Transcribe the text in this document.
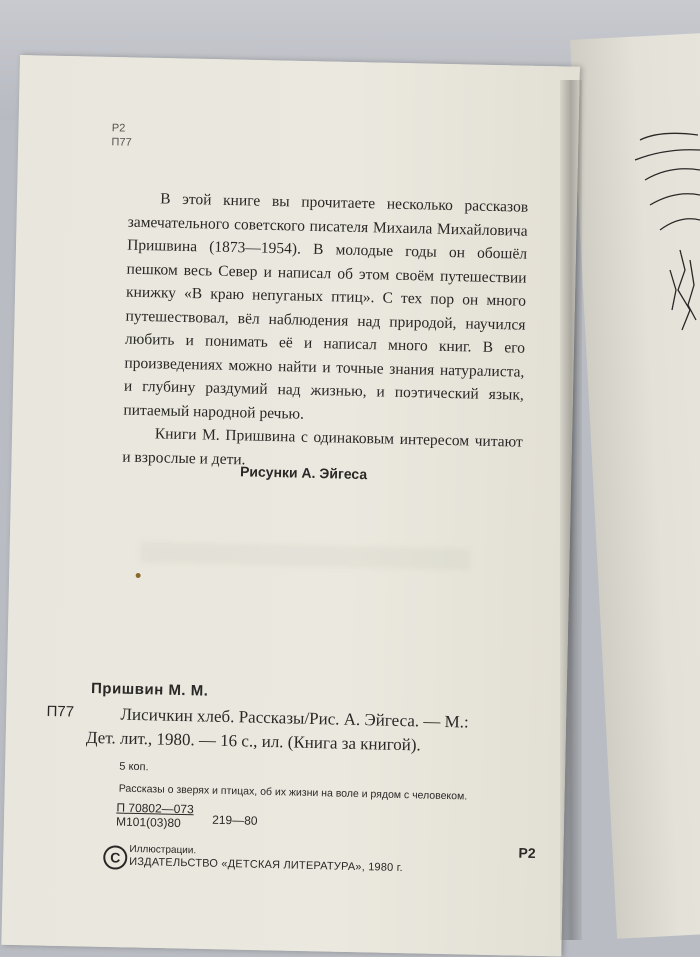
Р2
П77

В этой книге вы прочитаете несколько рассказов замечательного советского писателя Михаила Михайловича Пришвина (1873—1954). В молодые годы он обошёл пешком весь Север и написал об этом своём путешествии книжку «В краю непуганых птиц». С тех пор он много путешествовал, вёл наблюдения над природой, научился любить и понимать её и написал много книг. В его произведениях можно найти и точные знания натуралиста, и глубину раздумий над жизнью, и поэтический язык, питаемый народной речью.

Книги М. Пришвина с одинаковым интересом читают и взрослые и дети.

Рисунки А. Эйгеса
Пришвин М. М.
П77	Лисичкин хлеб. Рассказы/Рис. А. Эйгеса. — М.:
Дет. лит., 1980. — 16 с., ил. (Книга за книгой).
5 коп.
Рассказы о зверях и птицах, об их жизни на воле и рядом с человеком.
П 70802—073
М101(03)80	219—80
Р2
C Иллюстрации.
ИЗДАТЕЛЬСТВО «ДЕТСКАЯ ЛИТЕРАТУРА», 1980 г.
